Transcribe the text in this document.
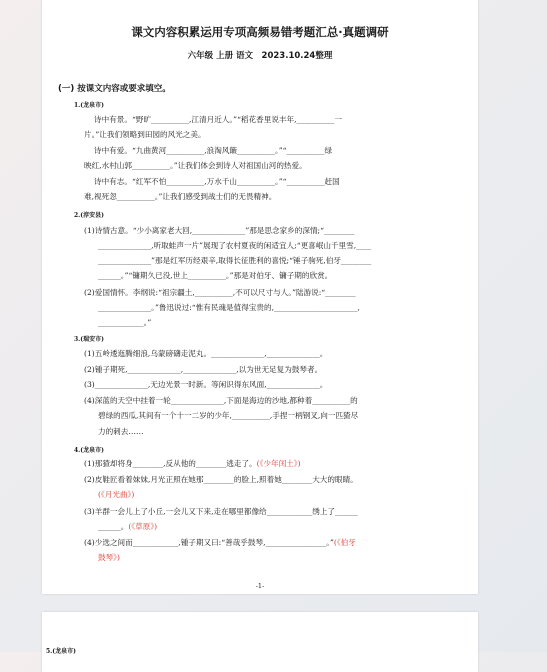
课文内容积累运用专项高频易错考题汇总·真题调研
六年级 上册 语文　2023.10.24整理
(一) 按课文内容或要求填空。
1.(龙泉市)
诗中有景。“野旷__________,江清月近人。”“稻花香里说丰年,__________一
片。”让我们领略到田园的风光之美。
诗中有爱。“九曲黄河__________,浪淘风簸__________。”“__________绿
映红,水村山郭__________。”让我们体会到诗人对祖国山河的热爱。
诗中有志。“红军不怕__________,万水千山__________。”“__________赶国
难,视死忽__________。”让我们感受到战士们的无畏精神。
2.(淳安县)
(1)诗情古意。“少小离家老大回,______________”那是思念家乡的深情;“________
______________,听取蛙声一片”展现了农村夏夜的闲适宜人;“更喜岷山千里雪,____
______________”那是红军历经艰辛,取得长征胜利的喜悦;“锤子驹死,伯牙________
______。”“镛期久已没,世上__________。”那是对伯牙、镛子期的欣赏。
(2)爱国情怀。李纲说:“祖宗疆土,__________,不可以尺寸与人。”陆游说:“________
______________。”鲁迅说过:“惟有民魂是值得宝贵的,______________________,
____________。”
3.(瑞安市)
(1)五岭逶迤腾细浪,乌蒙磅礴走泥丸。______________,______________。
(2)锺子期死,______________,______________,以为世无足复为鼓琴者。
(3)______________,无边光景一时新。等闲识得东风面,______________。
(4)深蓝的天空中挂着一轮______________,下面是海边的沙地,都种着__________的
碧绿的西瓜,其间有一个十一二岁的少年,__________,手捏一柄钢叉,向一匹猹尽
力的刺去……
4.(龙泉市)
(1)那猹却将身________,反从他的________逃走了。(《少年闰土》)
(2)皮鞋匠看着妹妹,月光正照在她那________的脸上,照着她________大大的眼睛。
(《月光曲》)
(3)羊群一会儿上了小丘,一会儿又下来,走在哪里都像给____________绣上了______
______。(《草原》)
(4)少选之间而____________,锺子期又曰:“善哉乎鼓琴,________________。”(《伯牙
鼓琴》)
-1-
5.(龙泉市)
